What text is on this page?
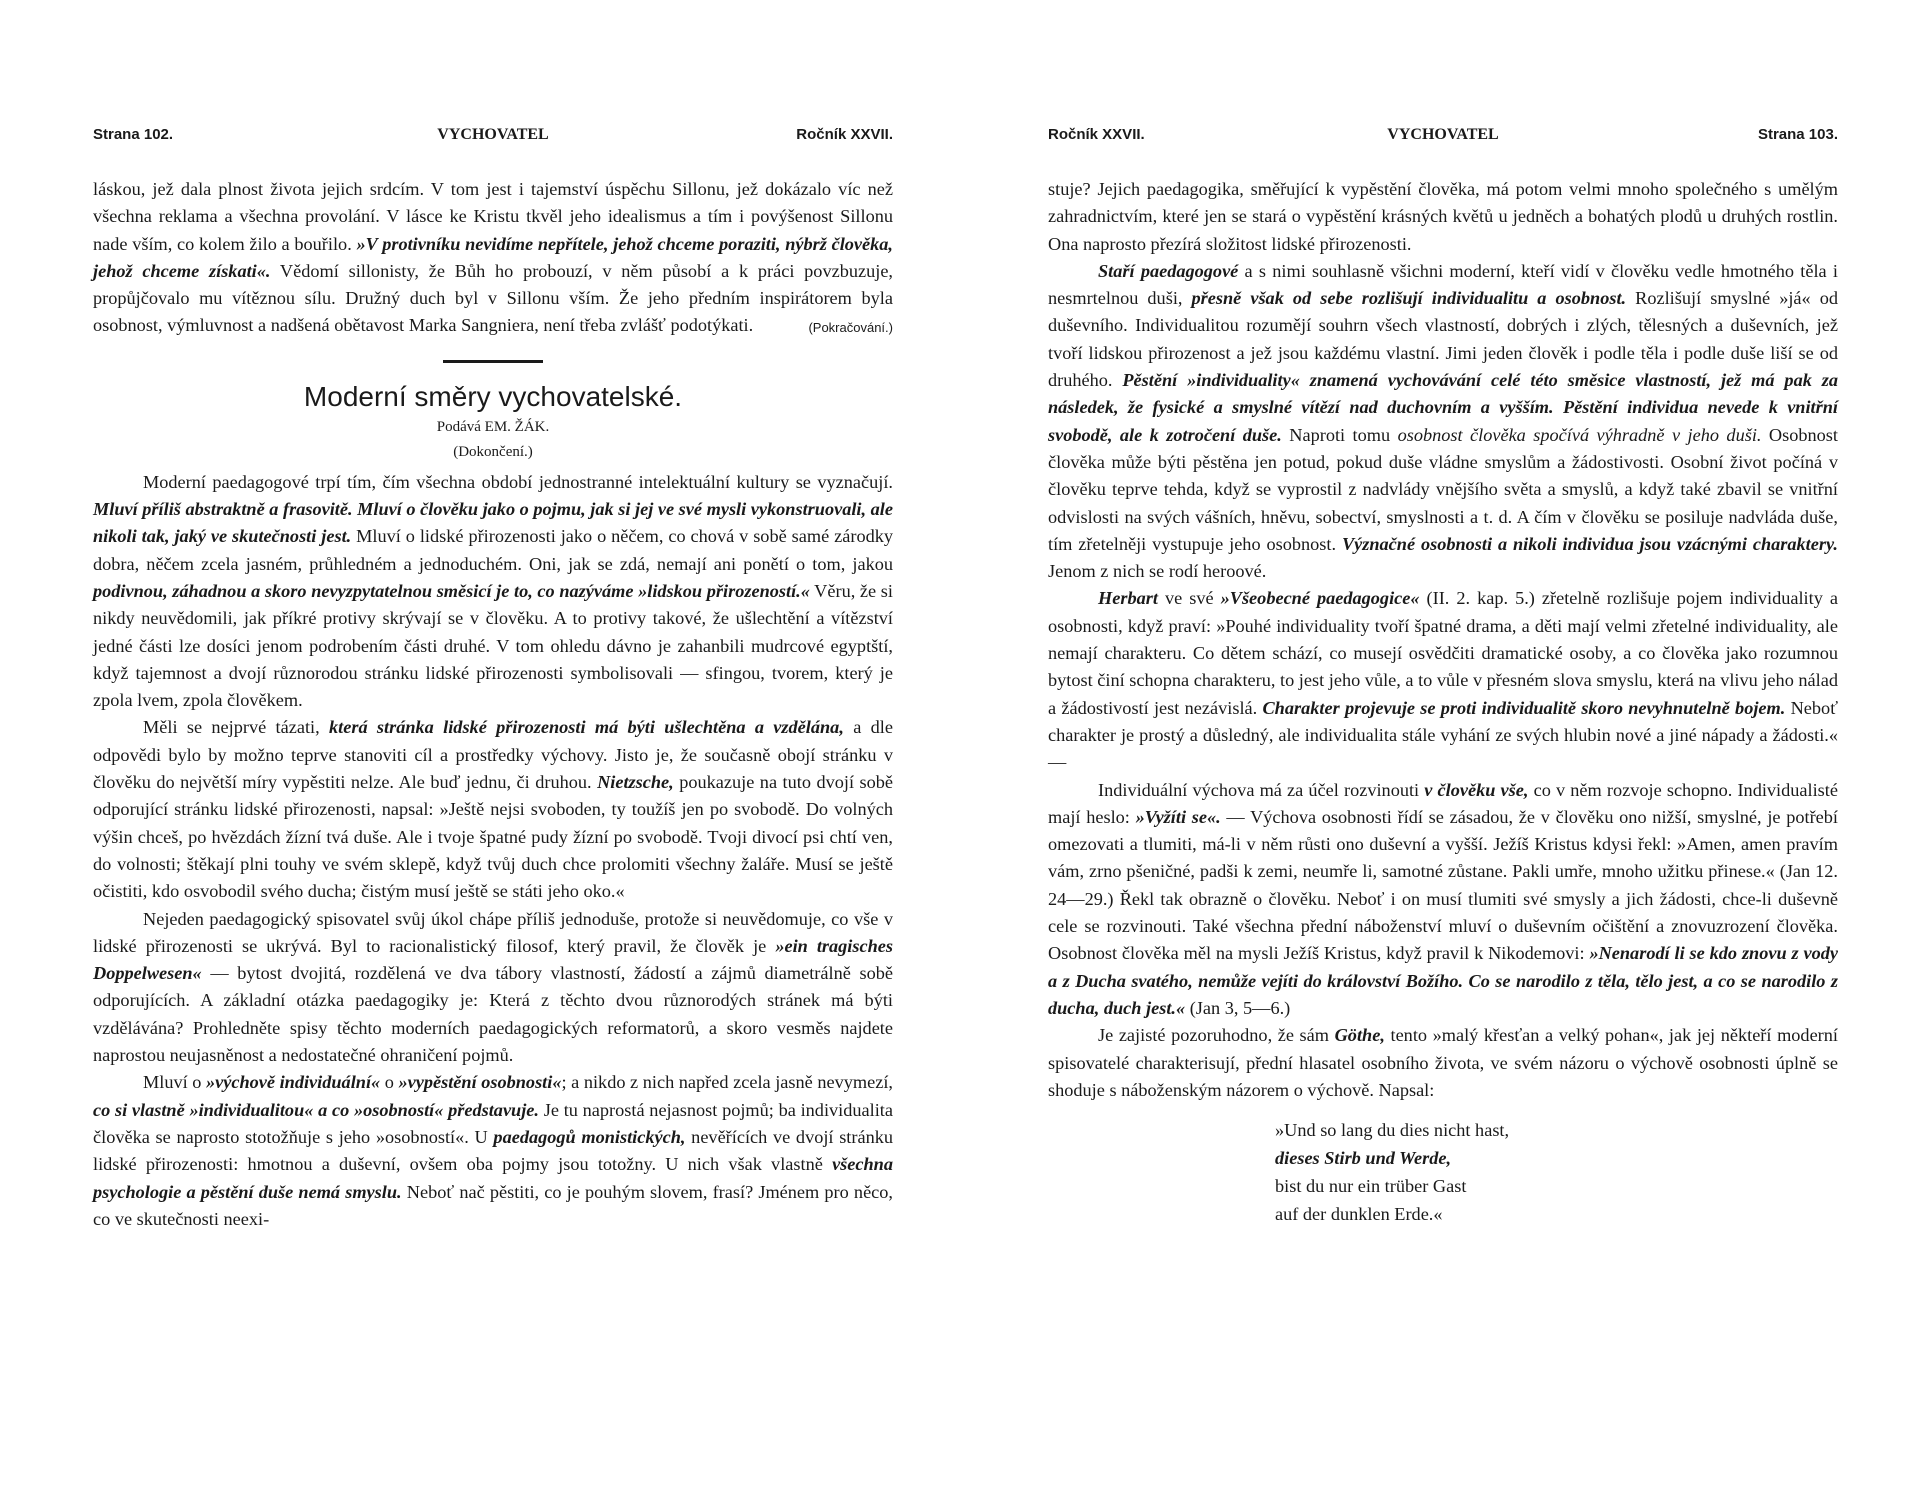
Strana 102.	VYCHOVATEL	Ročník XXVII.

láskou, jež dala plnost života jejich srdcím. V tom jest i tajemství úspěchu Sillonu, jež dokázalo víc než všechna reklama a všechna provolání. V lásce ke Kristu tkvěl jeho idealismus a tím i povýšenost Sillonu nade vším, co kolem žilo a bouřilo. »V protivníku nevidíme nepřítele, jehož chceme poraziti, nýbrž člověka, jehož chceme získati«. Vědomí sillonisty, že Bůh ho probouzí, v něm působí a k práci povzbuzuje, propůjčovalo mu vítěznou sílu. Družný duch byl v Sillonu vším. Že jeho předním inspirátorem byla osobnost, výmluvnost a nadšená obětavost Marka Sangniera, není třeba zvlášť podotýkati.	(Pokračování.)

Moderní směry vychovatelské.
Podává EM. ŽÁK.
(Dokončení.)

Moderní paedagogové trpí tím, čím všechna období jednostranné intelektuální kultury se vyznačují. Mluví příliš abstraktně a frasovitě. Mluví o člověku jako o pojmu, jak si jej ve své mysli vykonstruovali, ale nikoli tak, jaký ve skutečnosti jest. Mluví o lidské přirozenosti jako o něčem, co chová v sobě samé zárodky dobra, něčem zcela jasném, průhledném a jednoduchém. Oni, jak se zdá, nemají ani ponětí o tom, jakou podivnou, záhadnou a skoro nevyzpytatelnou směsicí je to, co nazýváme »lidskou přirozeností.« Věru, že si nikdy neuvědomili, jak příkré protivy skrývají se v člověku. A to protivy takové, že ušlechtění a vítězství jedné části lze dosíci jenom podrobením části druhé. V tom ohledu dávno je zahanbili mudrcové egyptští, když tajemnost a dvojí různorodou stránku lidské přirozenosti symbolisovali — sfingou, tvorem, který je zpola lvem, zpola člověkem.

Měli se nejprvé tázati, která stránka lidské přirozenosti má býti ušlechtěna a vzdělána, a dle odpovědi bylo by možno teprve stanoviti cíl a prostředky výchovy. Jisto je, že současně obojí stránku v člověku do největší míry vypěstiti nelze. Ale buď jednu, či druhou. Nietzsche, poukazuje na tuto dvojí sobě odporující stránku lidské přirozenosti, napsal: »Ještě nejsi svoboden, ty toužíš jen po svobodě. Do volných výšin chceš, po hvězdách žízní tvá duše. Ale i tvoje špatné pudy žízní po svobodě. Tvoji divocí psi chtí ven, do volnosti; štěkají plni touhy ve svém sklepě, když tvůj duch chce prolomiti všechny žaláře. Musí se ještě očistiti, kdo osvobodil svého ducha; čistým musí ještě se státi jeho oko.«

Nejeden paedagogický spisovatel svůj úkol chápe příliš jednoduše, protože si neuvědomuje, co vše v lidské přirozenosti se ukrývá. Byl to racionalistický filosof, který pravil, že člověk je »ein tragisches Doppelwesen« — bytost dvojitá, rozdělená ve dva tábory vlastností, žádostí a zájmů diametrálně sobě odporujících. A základní otázka paedagogiky je: Která z těchto dvou různorodých stránek má býti vzdělávána? Prohledněte spisy těchto moderních paedagogických reformatorů, a skoro vesměs najdete naprostou neujasněnost a nedostatečné ohraničení pojmů.

Mluví o »výchově individuální« o »vypěstění osobnosti«; a nikdo z nich napřed zcela jasně nevymezí, co si vlastně »individualitou« a co »osobností« představuje. Je tu naprostá nejasnost pojmů; ba individualita člověka se naprosto stotožňuje s jeho »osobností«. U paedagogů monistických, nevěřících ve dvojí stránku lidské přirozenosti: hmotnou a duševní, ovšem oba pojmy jsou totožny. U nich však vlastně všechna psychologie a pěstění duše nemá smyslu. Neboť nač pěstiti, co je pouhým slovem, frasí? Jménem pro něco, co ve skutečnosti neexi-

Ročník XXVII.	VYCHOVATEL	Strana 103.

stuje? Jejich paedagogika, směřující k vypěstění člověka, má potom velmi mnoho společného s umělým zahradnictvím, které jen se stará o vypěstění krásných květů u jedněch a bohatých plodů u druhých rostlin. Ona naprosto přezírá složitost lidské přirozenosti.

Staří paedagogové a s nimi souhlasně všichni moderní, kteří vidí v člověku vedle hmotného těla i nesmrtelnou duši, přesně však od sebe rozlišují individualitu a osobnost. Rozlišují smyslné »já« od duševního. Individualitou rozumějí souhrn všech vlastností, dobrých i zlých, tělesných a duševních, jež tvoří lidskou přirozenost a jež jsou každému vlastní. Jimi jeden člověk i podle těla i podle duše liší se od druhého. Pěstění »individuality« znamená vychovávání celé této směsice vlastností, jež má pak za následek, že fysické a smyslné vítězí nad duchovním a vyšším. Pěstění individua nevede k vnitřní svobodě, ale k zotročení duše. Naproti tomu osobnost člověka spočívá výhradně v jeho duši. Osobnost člověka může býti pěstěna jen potud, pokud duše vládne smyslům a žádostivosti. Osobní život počíná v člověku teprve tehda, když se vyprostil z nadvlády vnějšího světa a smyslů, a když také zbavil se vnitřní odvislosti na svých vášních, hněvu, sobectví, smyslnosti a t. d. A čím v člověku se posiluje nadvláda duše, tím zřetelněji vystupuje jeho osobnost. Význačné osobnosti a nikoli individua jsou vzácnými charaktery. Jenom z nich se rodí heroové.

Herbart ve své »Všeobecné paedagogice« (II. 2. kap. 5.) zřetelně rozlišuje pojem individuality a osobnosti, když praví: »Pouhé individuality tvoří špatné drama, a děti mají velmi zřetelné individuality, ale nemají charakteru. Co dětem schází, co musejí osvědčiti dramatické osoby, a co člověka jako rozumnou bytost činí schopna charakteru, to jest jeho vůle, a to vůle v přesném slova smyslu, která na vlivu jeho nálad a žádostivostí jest nezávislá. Charakter projevuje se proti individualitě skoro nevyhnutelně bojem. Neboť charakter je prostý a důsledný, ale individualita stále vyhání ze svých hlubin nové a jiné nápady a žádosti.« —

Individuální výchova má za účel rozvinouti v člověku vše, co v něm rozvoje schopno. Individualisté mají heslo: »Vyžíti se«. — Výchova osobnosti řídí se zásadou, že v člověku ono nižší, smyslné, je potřebí omezovati a tlumiti, má-li v něm růsti ono duševní a vyšší. Ježíš Kristus kdysi řekl: »Amen, amen pravím vám, zrno pšeničné, padši k zemi, neumře li, samotné zůstane. Pakli umře, mnoho užitku přinese.« (Jan 12. 24—29.) Řekl tak obrazně o člověku. Neboť i on musí tlumiti své smysly a jich žádosti, chce-li duševně cele se rozvinouti. Také všechna přední náboženství mluví o duševním očištění a znovuzrození člověka. Osobnost člověka měl na mysli Ježíš Kristus, když pravil k Nikodemovi: »Nenarodí li se kdo znovu z vody a z Ducha svatého, nemůže vejíti do království Božího. Co se narodilo z těla, tělo jest, a co se narodilo z ducha, duch jest.« (Jan 3, 5—6.)

Je zajisté pozoruhodno, že sám Göthe, tento »malý křesťan a velký pohan«, jak jej někteří moderní spisovatelé charakterisují, přední hlasatel osobního života, ve svém názoru o výchově osobnosti úplně se shoduje s náboženským názorem o výchově. Napsal:

»Und so lang du dies nicht hast,
dieses Stirb und Werde,
bist du nur ein trüber Gast
auf der dunklen Erde.«
